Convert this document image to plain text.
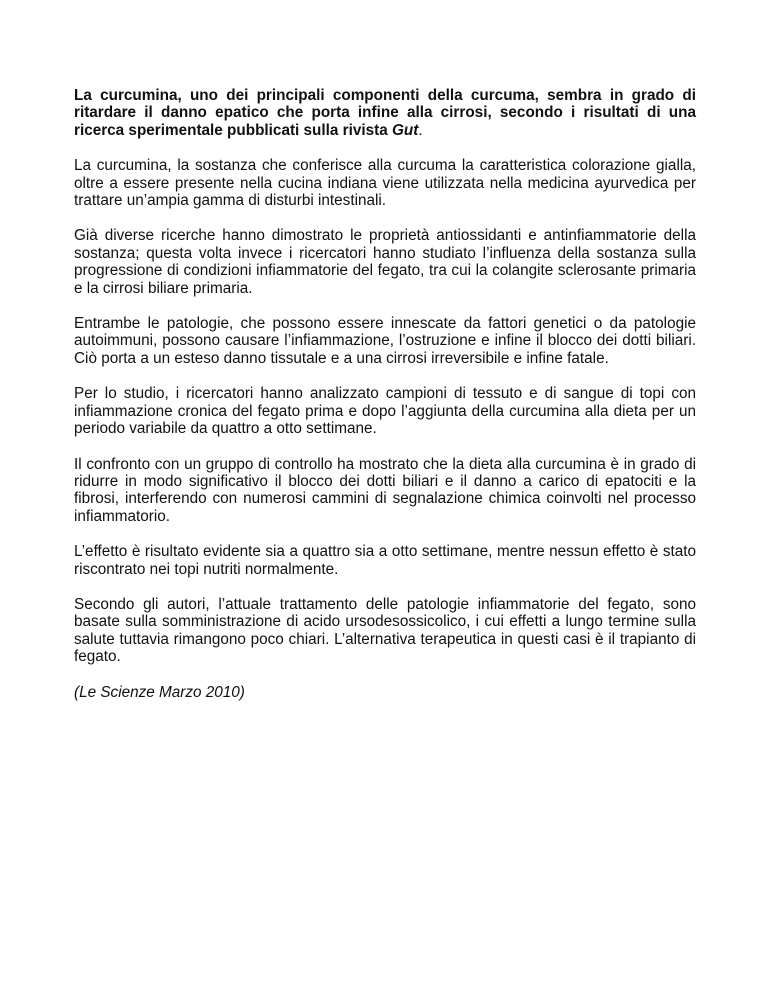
La curcumina, uno dei principali componenti della curcuma, sembra in grado di ritardare il danno epatico che porta infine alla cirrosi, secondo i risultati di una ricerca sperimentale pubblicati sulla rivista Gut.

La curcumina, la sostanza che conferisce alla curcuma la caratteristica colorazione gialla, oltre a essere presente nella cucina indiana viene utilizzata nella medicina ayurvedica per trattare un’ampia gamma di disturbi intestinali.

Già diverse ricerche hanno dimostrato le proprietà antiossidanti e antinfiammatorie della sostanza; questa volta invece i ricercatori hanno studiato l’influenza della sostanza sulla progressione di condizioni infiammatorie del fegato, tra cui la colangite sclerosante primaria e la cirrosi biliare primaria.

Entrambe le patologie, che possono essere innescate da fattori genetici o da patologie autoimmuni, possono causare l’infiammazione, l’ostruzione e infine il blocco dei dotti biliari. Ciò porta a un esteso danno tissutale e a una cirrosi irreversibile e infine fatale.

Per lo studio, i ricercatori hanno analizzato campioni di tessuto e di sangue di topi con infiammazione cronica del fegato prima e dopo l’aggiunta della curcumina alla dieta per un periodo variabile da quattro a otto settimane.

Il confronto con un gruppo di controllo ha mostrato che la dieta alla curcumina è in grado di ridurre in modo significativo il blocco dei dotti biliari e il danno a carico di epatociti e la fibrosi, interferendo con numerosi cammini di segnalazione chimica coinvolti nel processo infiammatorio.

L’effetto è risultato evidente sia a quattro sia a otto settimane, mentre nessun effetto è stato riscontrato nei topi nutriti normalmente.

Secondo gli autori, l’attuale trattamento delle patologie infiammatorie del fegato, sono basate sulla somministrazione di acido ursodesossicolico, i cui effetti a lungo termine sulla salute tuttavia rimangono poco chiari. L’alternativa terapeutica in questi casi è il trapianto di fegato.

(Le Scienze Marzo 2010)
